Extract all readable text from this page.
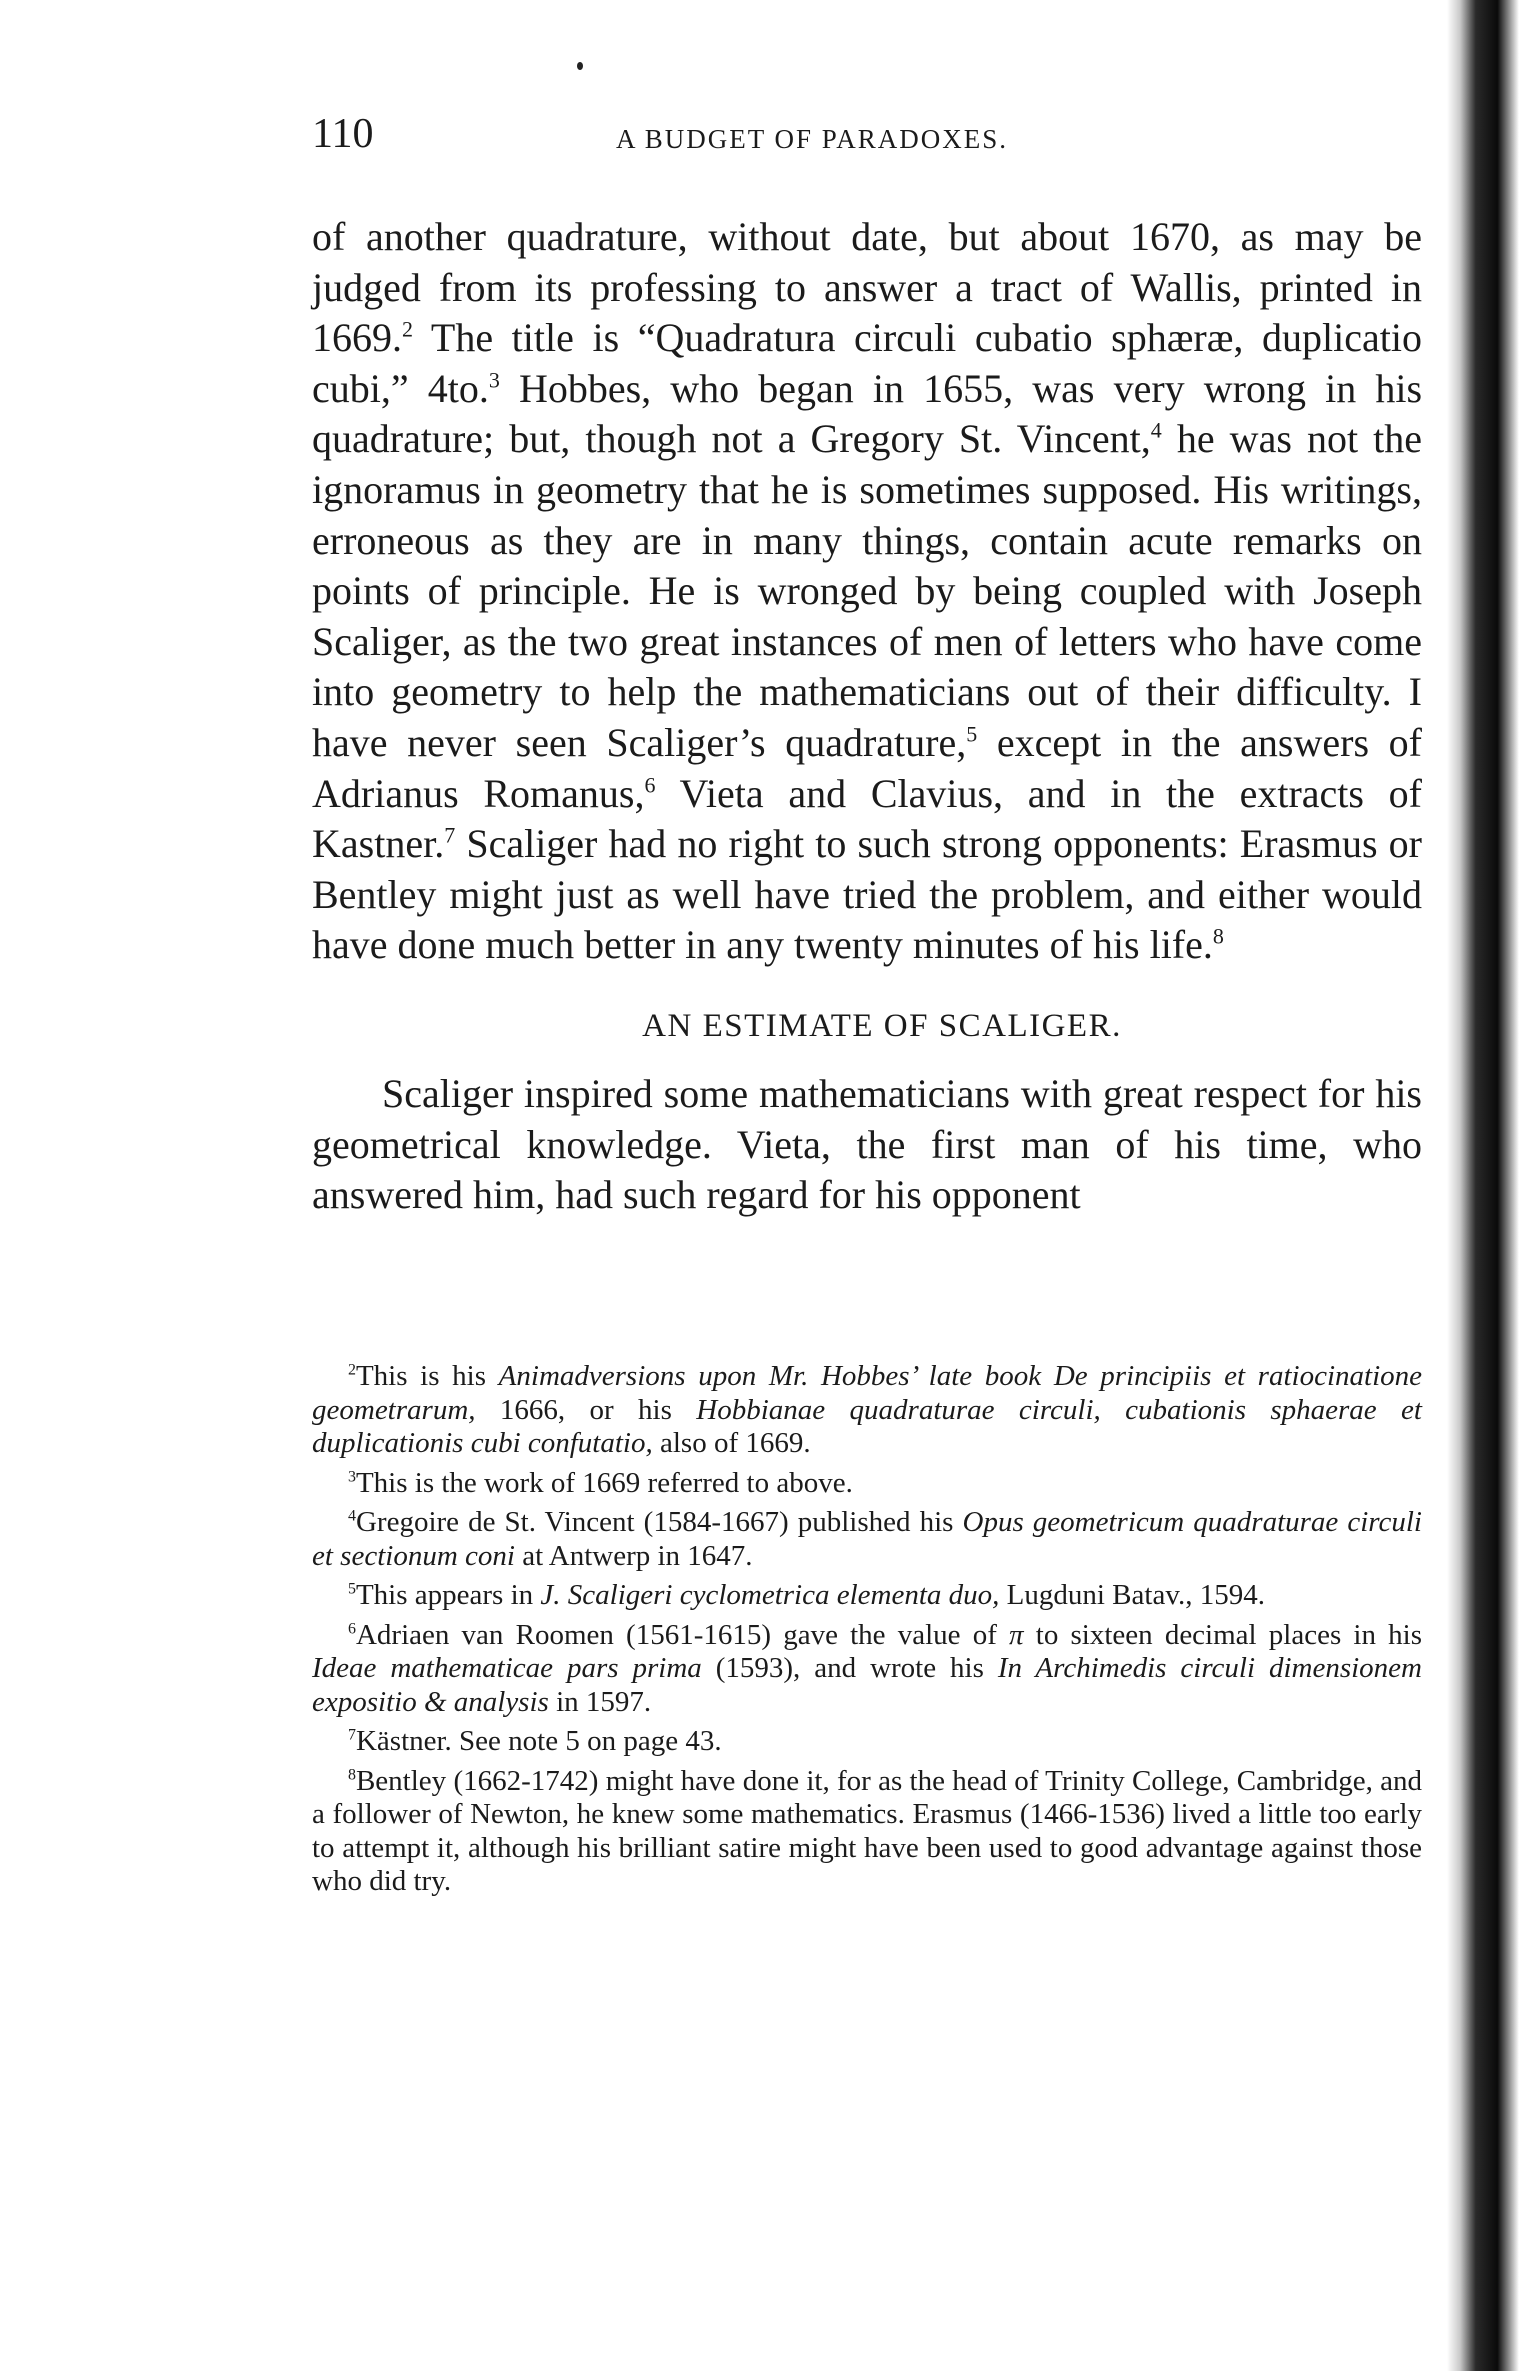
110	A BUDGET OF PARADOXES.

of another quadrature, without date, but about 1670, as may be judged from its professing to answer a tract of Wallis, printed in 1669.$^2$ The title is “Quadratura circuli cubatio sphæræ, duplicatio cubi,” 4to.$^3$ Hobbes, who began in 1655, was very wrong in his quadrature; but, though not a Gregory St. Vincent,$^4$ he was not the ignoramus in geometry that he is sometimes supposed. His writings, erroneous as they are in many things, contain acute remarks on points of principle. He is wronged by being coupled with Joseph Scaliger, as the two great instances of men of letters who have come into geometry to help the mathematicians out of their difficulty. I have never seen Scaliger’s quadrature,$^5$ except in the answers of Adrianus Romanus,$^6$ Vieta and Clavius, and in the extracts of Kastner.$^7$ Scaliger had no right to such strong opponents: Erasmus or Bentley might just as well have tried the problem, and either would have done much better in any twenty minutes of his life.$^8$

AN ESTIMATE OF SCALIGER.

Scaliger inspired some mathematicians with great respect for his geometrical knowledge. Vieta, the first man of his time, who answered him, had such regard for his opponent

$^2$This is his Animadversions upon Mr. Hobbes’ late book De principiis et ratiocinatione geometrarum, 1666, or his Hobbianae quadraturae circuli, cubationis sphaerae et duplicationis cubi confutatio, also of 1669.

$^3$This is the work of 1669 referred to above.

$^4$Gregoire de St. Vincent (1584-1667) published his Opus geometricum quadraturae circuli et sectionum coni at Antwerp in 1647.

$^5$This appears in J. Scaligeri cyclometrica elementa duo, Lugduni Batav., 1594.

$^6$Adriaen van Roomen (1561-1615) gave the value of π to sixteen decimal places in his Ideae mathematicae pars prima (1593), and wrote his In Archimedis circuli dimensionem expositio & analysis in 1597.

$^7$Kästner. See note 5 on page 43.

$^8$Bentley (1662-1742) might have done it, for as the head of Trinity College, Cambridge, and a follower of Newton, he knew some mathematics. Erasmus (1466-1536) lived a little too early to attempt it, although his brilliant satire might have been used to good advantage against those who did try.
